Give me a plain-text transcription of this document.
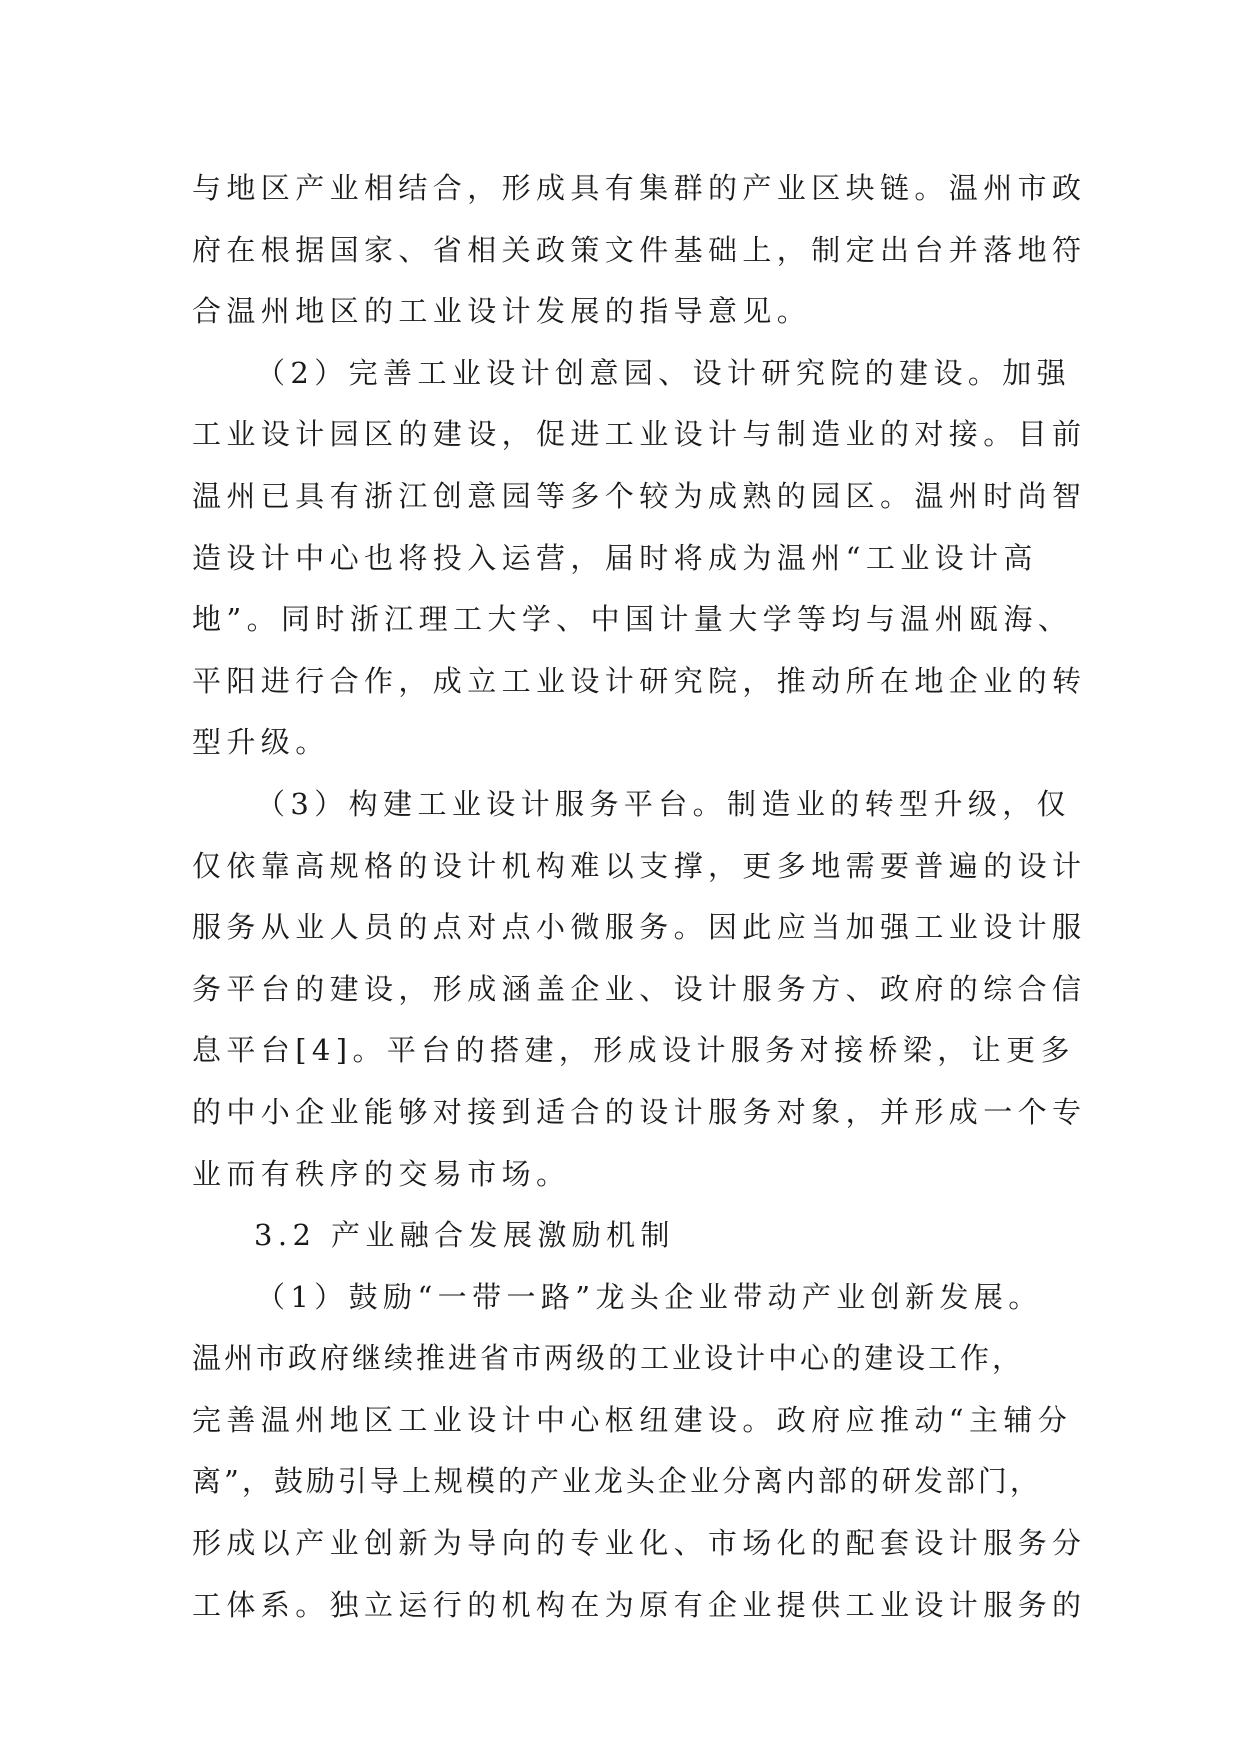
与地区产业相结合，形成具有集群的产业区块链。温州市政
府在根据国家、省相关政策文件基础上，制定出台并落地符
合温州地区的工业设计发展的指导意见。
（2）完善工业设计创意园、设计研究院的建设。加强
工业设计园区的建设，促进工业设计与制造业的对接。目前
温州已具有浙江创意园等多个较为成熟的园区。温州时尚智
造设计中心也将投入运营，届时将成为温州“工业设计高
地”。同时浙江理工大学、中国计量大学等均与温州瓯海、
平阳进行合作，成立工业设计研究院，推动所在地企业的转
型升级。
（3）构建工业设计服务平台。制造业的转型升级，仅
仅依靠高规格的设计机构难以支撑，更多地需要普遍的设计
服务从业人员的点对点小微服务。因此应当加强工业设计服
务平台的建设，形成涵盖企业、设计服务方、政府的综合信
息平台[4]。平台的搭建，形成设计服务对接桥梁，让更多
的中小企业能够对接到适合的设计服务对象，并形成一个专
业而有秩序的交易市场。
3.2 产业融合发展激励机制
（1）鼓励“一带一路”龙头企业带动产业创新发展。
温州市政府继续推进省市两级的工业设计中心的建设工作，
完善温州地区工业设计中心枢纽建设。政府应推动“主辅分
离”，鼓励引导上规模的产业龙头企业分离内部的研发部门，
形成以产业创新为导向的专业化、市场化的配套设计服务分
工体系。独立运行的机构在为原有企业提供工业设计服务的
